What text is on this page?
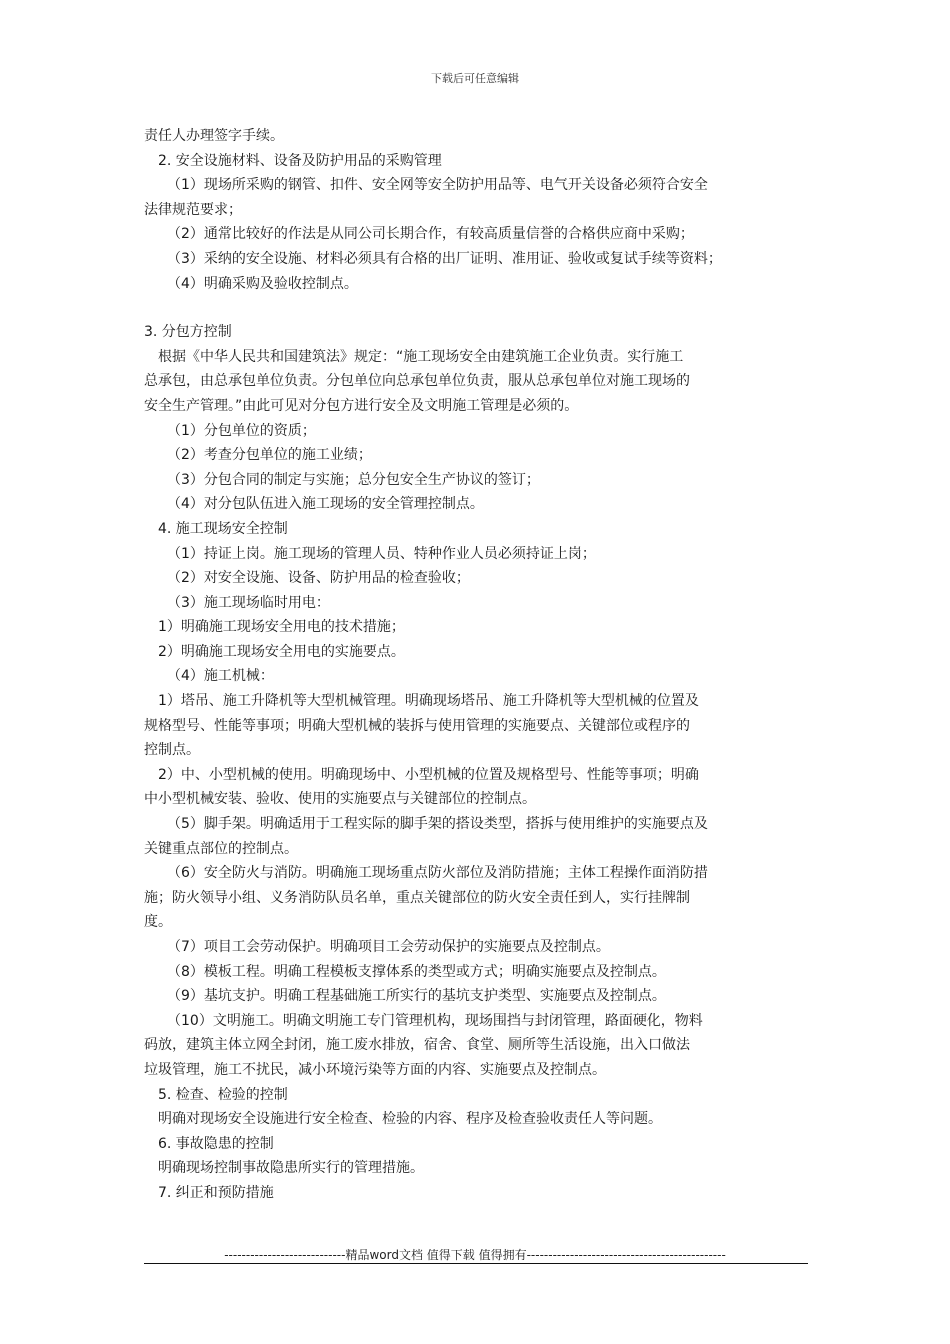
下载后可任意编辑
责任人办理签字手续。
2. 安全设施材料、设备及防护用品的采购管理
（1）现场所采购的钢管、扣件、安全网等安全防护用品等、电气开关设备必须符合安全
法律规范要求；
（2）通常比较好的作法是从同公司长期合作，有较高质量信誉的合格供应商中采购；
（3）采纳的安全设施、材料必须具有合格的出厂证明、准用证、验收或复试手续等资料；
（4）明确采购及验收控制点。
3. 分包方控制
根据《中华人民共和国建筑法》规定：“施工现场安全由建筑施工企业负责。实行施工
总承包，由总承包单位负责。分包单位向总承包单位负责，服从总承包单位对施工现场的
安全生产管理。”由此可见对分包方进行安全及文明施工管理是必须的。
（1）分包单位的资质；
（2）考查分包单位的施工业绩；
（3）分包合同的制定与实施；总分包安全生产协议的签订；
（4）对分包队伍进入施工现场的安全管理控制点。
4. 施工现场安全控制
（1）持证上岗。施工现场的管理人员、特种作业人员必须持证上岗；
（2）对安全设施、设备、防护用品的检查验收；
（3）施工现场临时用电：
1）明确施工现场安全用电的技术措施；
2）明确施工现场安全用电的实施要点。
（4）施工机械：
1）塔吊、施工升降机等大型机械管理。明确现场塔吊、施工升降机等大型机械的位置及
规格型号、性能等事项；明确大型机械的装拆与使用管理的实施要点、关键部位或程序的
控制点。
2）中、小型机械的使用。明确现场中、小型机械的位置及规格型号、性能等事项；明确
中小型机械安装、验收、使用的实施要点与关键部位的控制点。
（5）脚手架。明确适用于工程实际的脚手架的搭设类型，搭拆与使用维护的实施要点及
关键重点部位的控制点。
（6）安全防火与消防。明确施工现场重点防火部位及消防措施；主体工程操作面消防措
施；防火领导小组、义务消防队员名单，重点关键部位的防火安全责任到人，实行挂牌制
度。
（7）项目工会劳动保护。明确项目工会劳动保护的实施要点及控制点。
（8）模板工程。明确工程模板支撑体系的类型或方式；明确实施要点及控制点。
（9）基坑支护。明确工程基础施工所实行的基坑支护类型、实施要点及控制点。
（10）文明施工。明确文明施工专门管理机构，现场围挡与封闭管理，路面硬化，物料
码放，建筑主体立网全封闭，施工废水排放，宿舍、食堂、厕所等生活设施，出入口做法
垃圾管理，施工不扰民，减小环境污染等方面的内容、实施要点及控制点。
5. 检查、检验的控制
明确对现场安全设施进行安全检查、检验的内容、程序及检查验收责任人等问题。
6. 事故隐患的控制
明确现场控制事故隐患所实行的管理措施。
7. 纠正和预防措施
----------------------------精品word文档 值得下载 值得拥有----------------------------------------------
